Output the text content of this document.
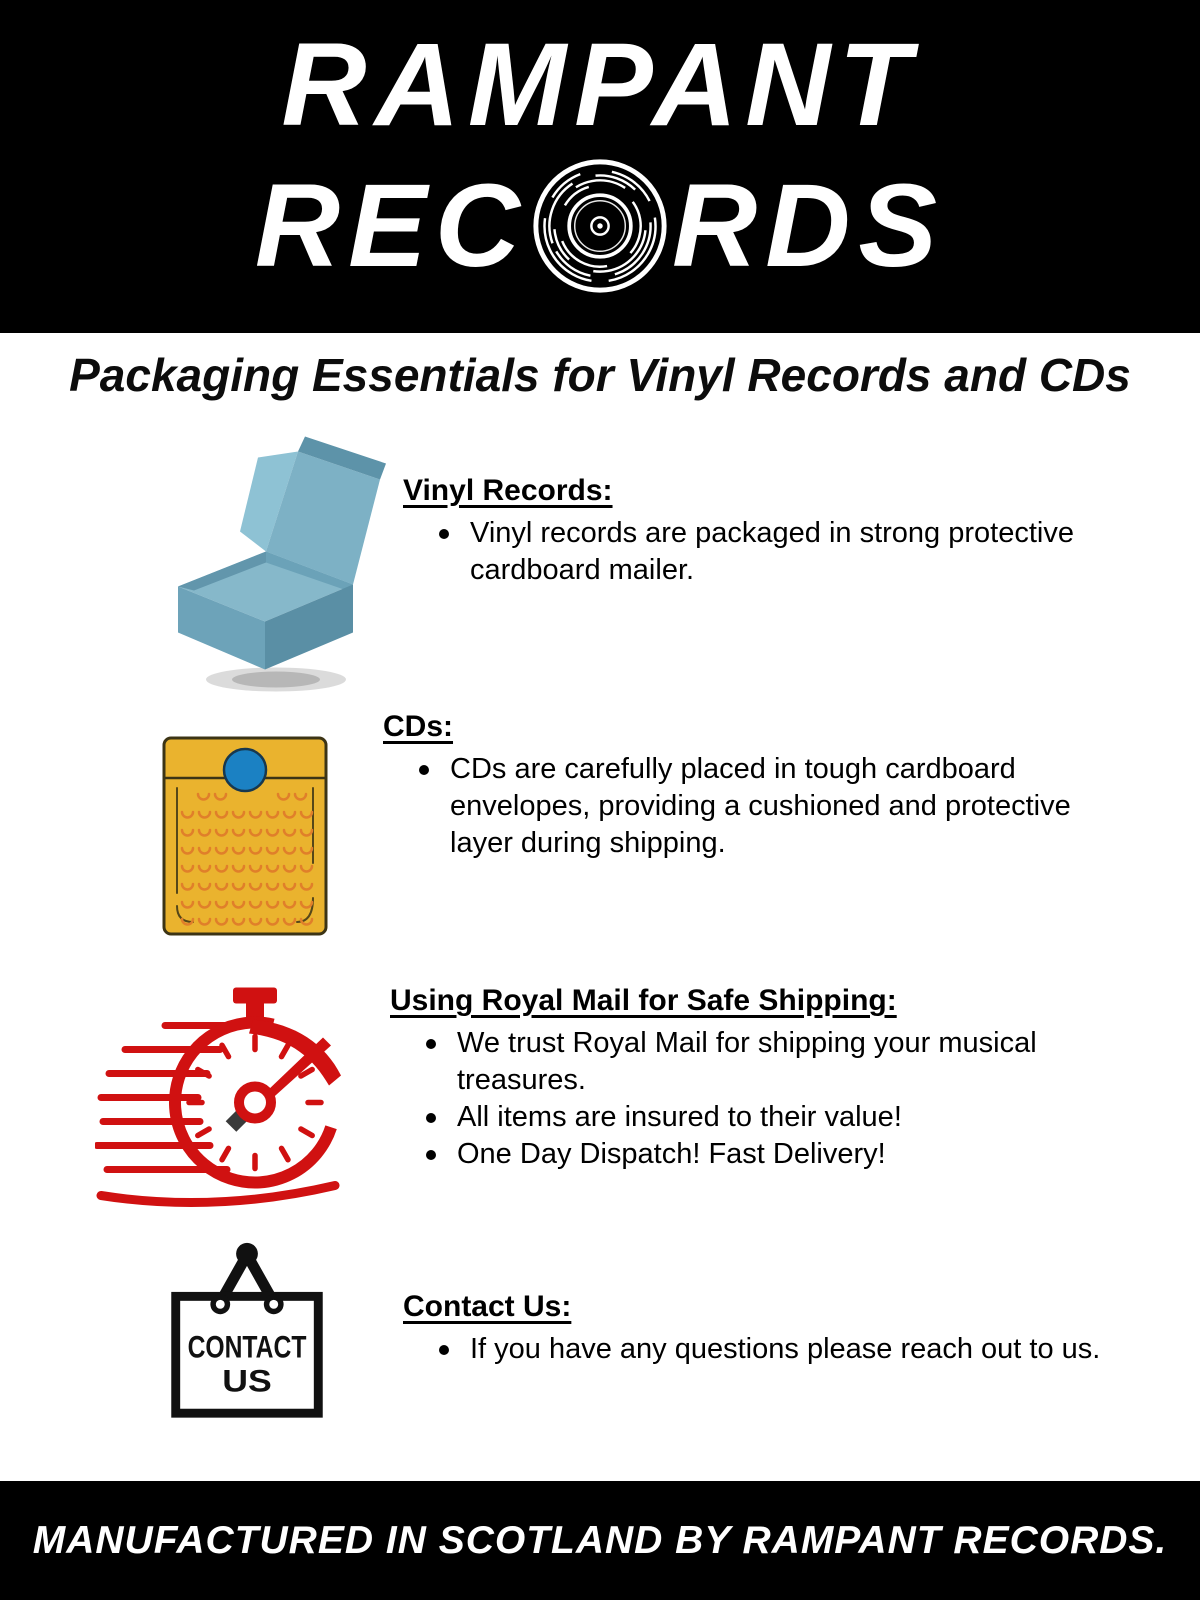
RAMPANT
REC RDS
Packaging Essentials for Vinyl Records and CDs
Vinyl Records:
Vinyl records are packaged in strong protective cardboard mailer.
CDs:
CDs are carefully placed in tough cardboard envelopes, providing a cushioned and protective layer during shipping.
Using Royal Mail for Safe Shipping:
We trust Royal Mail for shipping your musical treasures.
All items are insured to their value!
One Day Dispatch! Fast Delivery!
CONTACT
US
Contact Us:
If you have any questions please reach out to us.
MANUFACTURED IN SCOTLAND BY RAMPANT RECORDS.
